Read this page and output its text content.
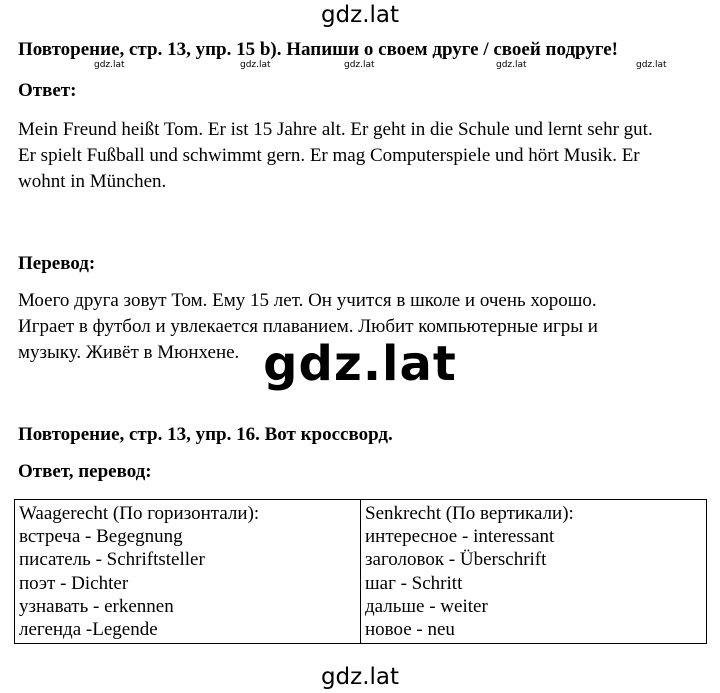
gdz.lat
gdz.lat	gdz.lat	gdz.lat	gdz.lat	gdz.lat
Повторение, стр. 13, упр. 15 b). Напиши о своем друге / своей подруге!
Ответ:
Mein Freund heißt Tom. Er ist 15 Jahre alt. Er geht in die Schule und lernt sehr gut.
Er spielt Fußball und schwimmt gern. Er mag Computerspiele und hört Musik. Er
wohnt in München.
Перевод:
Моего друга зовут Том. Ему 15 лет. Он учится в школе и очень хорошо.
Играет в футбол и увлекается плаванием. Любит компьютерные игры и
музыку. Живёт в Мюнхене. gdz.lat
Повторение, стр. 13, упр. 16. Вот кроссворд.
Ответ, перевод:
Waagerecht (По горизонтали):
встреча - Begegnung
писатель - Schriftsteller
поэт - Dichter
узнавать - erkennen
легенда -Legende

Senkrecht (По вертикали):
интересное - interessant
заголовок - Überschrift
шаг - Schritt
дальше - weiter
новое - neu
gdz.lat
